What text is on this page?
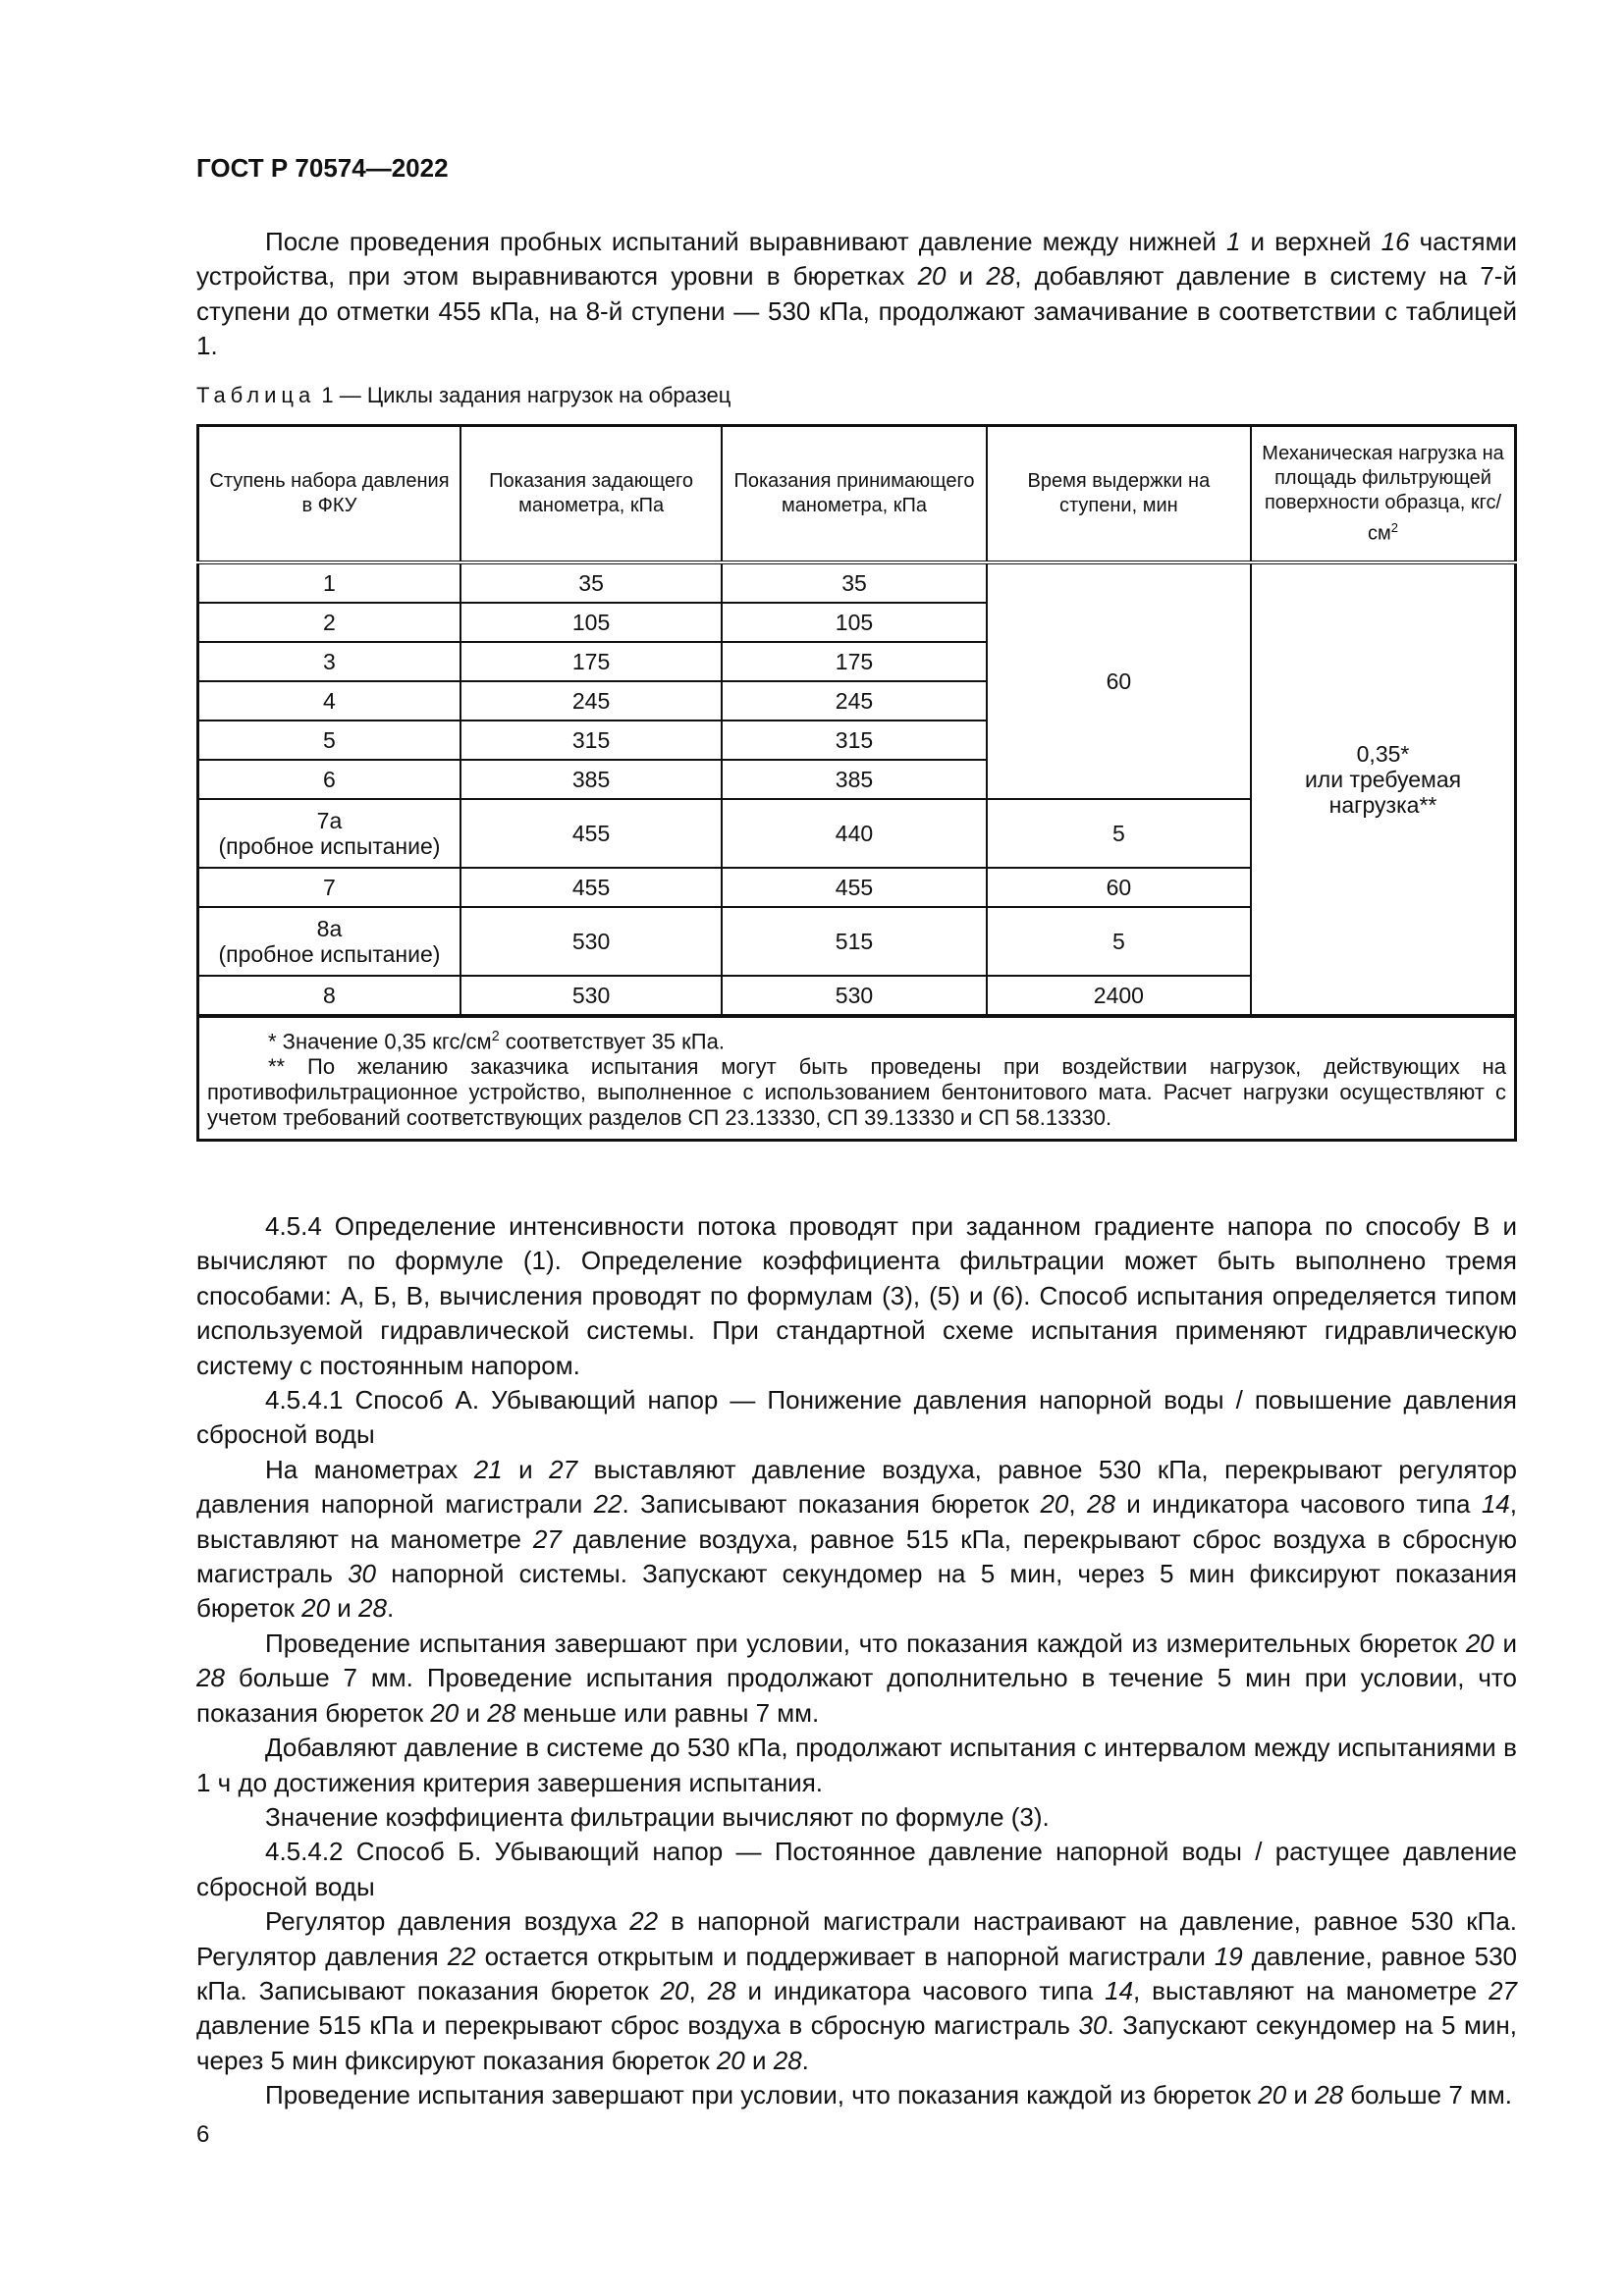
ГОСТ Р 70574—2022

После проведения пробных испытаний выравнивают давление между нижней 1 и верхней 16 частями устройства, при этом выравниваются уровни в бюретках 20 и 28, добавляют давление в систему на 7-й ступени до отметки 455 кПа, на 8-й ступени — 530 кПа, продолжают замачивание в соответствии с таблицей 1.

Таблица 1 — Циклы задания нагрузок на образец
Ступень набора давления в ФКУ	Показания задающего манометра, кПа	Показания принимающего манометра, кПа	Время выдержки на ступени, мин	Механическая нагрузка на площадь фильтрующей поверхности образца, кгс/$см^2$
1	35	35	60	0,35*
или требуемая
нагрузка**

2	105	105		
3	175	175		
4	245	245		
5	315	315		
6	385	385		

7а
(пробное испытание)	455	440	5	
7	455	455	60	

8а
(пробное испытание)	530	515	5	
8	530	530	2400	

* Значение 0,35 кгс/$см^2$ соответствует 35 кПа.

** По желанию заказчика испытания могут быть проведены при воздействии нагрузок, действующих на противофильтрационное устройство, выполненное с использованием бентонитового мата. Расчет нагрузки осуществляют с учетом требований соответствующих разделов СП 23.13330, СП 39.13330 и СП 58.13330.				

4.5.4 Определение интенсивности потока проводят при заданном градиенте напора по способу В и вычисляют по формуле (1). Определение коэффициента фильтрации может быть выполнено тремя способами: А, Б, В, вычисления проводят по формулам (3), (5) и (6). Способ испытания определяется типом используемой гидравлической системы. При стандартной схеме испытания применяют гидравлическую систему с постоянным напором.

4.5.4.1 Способ А. Убывающий напор — Понижение давления напорной воды / повышение давления сбросной воды

На манометрах 21 и 27 выставляют давление воздуха, равное 530 кПа, перекрывают регулятор давления напорной магистрали 22. Записывают показания бюреток 20, 28 и индикатора часового типа 14, выставляют на манометре 27 давление воздуха, равное 515 кПа, перекрывают сброс воздуха в сбросную магистраль 30 напорной системы. Запускают секундомер на 5 мин, через 5 мин фиксируют показания бюреток 20 и 28.

Проведение испытания завершают при условии, что показания каждой из измерительных бюреток 20 и 28 больше 7 мм. Проведение испытания продолжают дополнительно в течение 5 мин при условии, что показания бюреток 20 и 28 меньше или равны 7 мм.

Добавляют давление в системе до 530 кПа, продолжают испытания с интервалом между испытаниями в 1 ч до достижения критерия завершения испытания.

Значение коэффициента фильтрации вычисляют по формуле (3).

4.5.4.2 Способ Б. Убывающий напор — Постоянное давление напорной воды / растущее давление сбросной воды

Регулятор давления воздуха 22 в напорной магистрали настраивают на давление, равное 530 кПа. Регулятор давления 22 остается открытым и поддерживает в напорной магистрали 19 давление, равное 530 кПа. Записывают показания бюреток 20, 28 и индикатора часового типа 14, выставляют на манометре 27 давление 515 кПа и перекрывают сброс воздуха в сбросную магистраль 30. Запускают секундомер на 5 мин, через 5 мин фиксируют показания бюреток 20 и 28.

Проведение испытания завершают при условии, что показания каждой из бюреток 20 и 28 больше 7 мм.

6
